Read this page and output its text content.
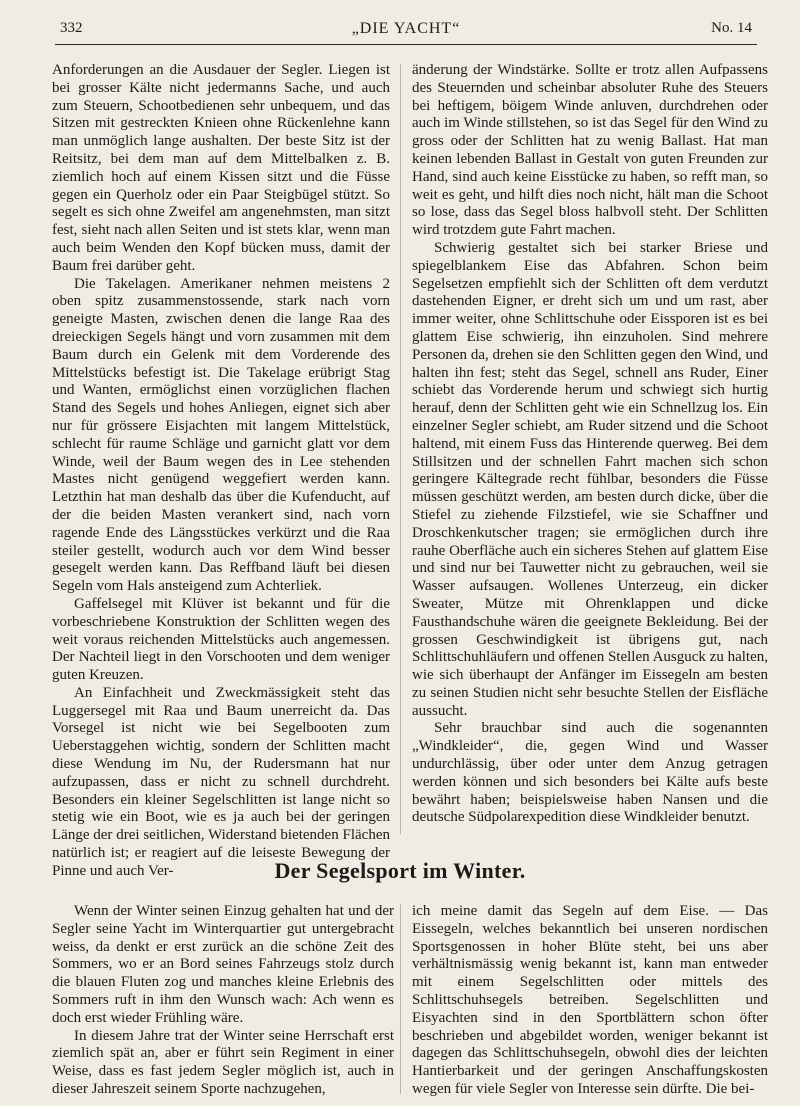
332	„DIE YACHT“	No. 14

Anforderungen an die Ausdauer der Segler. Liegen ist bei grosser Kälte nicht jedermanns Sache, und auch zum Steuern, Schootbedienen sehr unbequem, und das Sitzen mit gestreckten Knieen ohne Rückenlehne kann man unmöglich lange aushalten. Der beste Sitz ist der Reitsitz, bei dem man auf dem Mittelbalken z. B. ziemlich hoch auf einem Kissen sitzt und die Füsse gegen ein Querholz oder ein Paar Steigbügel stützt. So segelt es sich ohne Zweifel am angenehmsten, man sitzt fest, sieht nach allen Seiten und ist stets klar, wenn man auch beim Wenden den Kopf bücken muss, damit der Baum frei darüber geht.

Die Takelagen. Amerikaner nehmen meistens 2 oben spitz zusammenstossende, stark nach vorn geneigte Masten, zwischen denen die lange Raa des dreieckigen Segels hängt und vorn zusammen mit dem Baum durch ein Gelenk mit dem Vorderende des Mittelstücks befestigt ist. Die Takelage erübrigt Stag und Wanten, ermöglichst einen vorzüglichen flachen Stand des Segels und hohes Anliegen, eignet sich aber nur für grössere Eisjachten mit langem Mittelstück, schlecht für raume Schläge und garnicht glatt vor dem Winde, weil der Baum wegen des in Lee stehenden Mastes nicht genügend weggefiert werden kann. Letzthin hat man deshalb das über die Kufenducht, auf der die beiden Masten verankert sind, nach vorn ragende Ende des Längsstückes verkürzt und die Raa steiler gestellt, wodurch auch vor dem Wind besser gesegelt werden kann. Das Reffband läuft bei diesen Segeln vom Hals ansteigend zum Achterliek.

Gaffelsegel mit Klüver ist bekannt und für die vorbeschriebene Konstruktion der Schlitten wegen des weit voraus reichenden Mittelstücks auch angemessen. Der Nachteil liegt in den Vorschooten und dem weniger guten Kreuzen.

An Einfachheit und Zweckmässigkeit steht das Luggersegel mit Raa und Baum unerreicht da. Das Vorsegel ist nicht wie bei Segelbooten zum Ueberstaggehen wichtig, sondern der Schlitten macht diese Wendung im Nu, der Rudersmann hat nur aufzupassen, dass er nicht zu schnell durchdreht. Besonders ein kleiner Segelschlitten ist lange nicht so stetig wie ein Boot, wie es ja auch bei der geringen Länge der drei seitlichen, Widerstand bietenden Flächen natürlich ist; er reagiert auf die leiseste Bewegung der Pinne und auch Ver-

änderung der Windstärke. Sollte er trotz allen Aufpassens des Steuernden und scheinbar absoluter Ruhe des Steuers bei heftigem, böigem Winde anluven, durchdrehen oder auch im Winde stillstehen, so ist das Segel für den Wind zu gross oder der Schlitten hat zu wenig Ballast. Hat man keinen lebenden Ballast in Gestalt von guten Freunden zur Hand, sind auch keine Eisstücke zu haben, so refft man, so weit es geht, und hilft dies noch nicht, hält man die Schoot so lose, dass das Segel bloss halbvoll steht. Der Schlitten wird trotzdem gute Fahrt machen.

Schwierig gestaltet sich bei starker Briese und spiegelblankem Eise das Abfahren. Schon beim Segelsetzen empfiehlt sich der Schlitten oft dem verdutzt dastehenden Eigner, er dreht sich um und um rast, aber immer weiter, ohne Schlittschuhe oder Eissporen ist es bei glattem Eise schwierig, ihn einzuholen. Sind mehrere Personen da, drehen sie den Schlitten gegen den Wind, und halten ihn fest; steht das Segel, schnell ans Ruder, Einer schiebt das Vorderende herum und schwiegt sich hurtig herauf, denn der Schlitten geht wie ein Schnellzug los. Ein einzelner Segler schiebt, am Ruder sitzend und die Schoot haltend, mit einem Fuss das Hinterende querweg. Bei dem Stillsitzen und der schnellen Fahrt machen sich schon geringere Kältegrade recht fühlbar, besonders die Füsse müssen geschützt werden, am besten durch dicke, über die Stiefel zu ziehende Filzstiefel, wie sie Schaffner und Droschkenkutscher tragen; sie ermöglichen durch ihre rauhe Oberfläche auch ein sicheres Stehen auf glattem Eise und sind nur bei Tauwetter nicht zu gebrauchen, weil sie Wasser aufsaugen. Wollenes Unterzeug, ein dicker Sweater, Mütze mit Ohrenklappen und dicke Fausthandschuhe wären die geeignete Bekleidung. Bei der grossen Geschwindigkeit ist übrigens gut, nach Schlittschuhläufern und offenen Stellen Ausguck zu halten, wie sich überhaupt der Anfänger im Eissegeln am besten zu seinen Studien nicht sehr besuchte Stellen der Eisfläche aussucht.

Sehr brauchbar sind auch die sogenannten „Windkleider“, die, gegen Wind und Wasser undurchlässig, über oder unter dem Anzug getragen werden können und sich besonders bei Kälte aufs beste bewährt haben; beispielsweise haben Nansen und die deutsche Südpolarexpedition diese Windkleider benutzt.

Der Segelsport im Winter.

Wenn der Winter seinen Einzug gehalten hat und der Segler seine Yacht im Winterquartier gut untergebracht weiss, da denkt er erst zurück an die schöne Zeit des Sommers, wo er an Bord seines Fahrzeugs stolz durch die blauen Fluten zog und manches kleine Erlebnis des Sommers ruft in ihm den Wunsch wach: Ach wenn es doch erst wieder Frühling wäre.

In diesem Jahre trat der Winter seine Herrschaft erst ziemlich spät an, aber er führt sein Regiment in einer Weise, dass es fast jedem Segler möglich ist, auch in dieser Jahreszeit seinem Sporte nachzugehen,

ich meine damit das Segeln auf dem Eise. — Das Eissegeln, welches bekanntlich bei unseren nordischen Sportsgenossen in hoher Blüte steht, bei uns aber verhältnismässig wenig bekannt ist, kann man entweder mit einem Segelschlitten oder mittels des Schlittschuhsegels betreiben. Segelschlitten und Eisyachten sind in den Sportblättern schon öfter beschrieben und abgebildet worden, weniger bekannt ist dagegen das Schlittschuhsegeln, obwohl dies der leichten Hantierbarkeit und der geringen Anschaffungskosten wegen für viele Segler von Interesse sein dürfte. Die bei-
